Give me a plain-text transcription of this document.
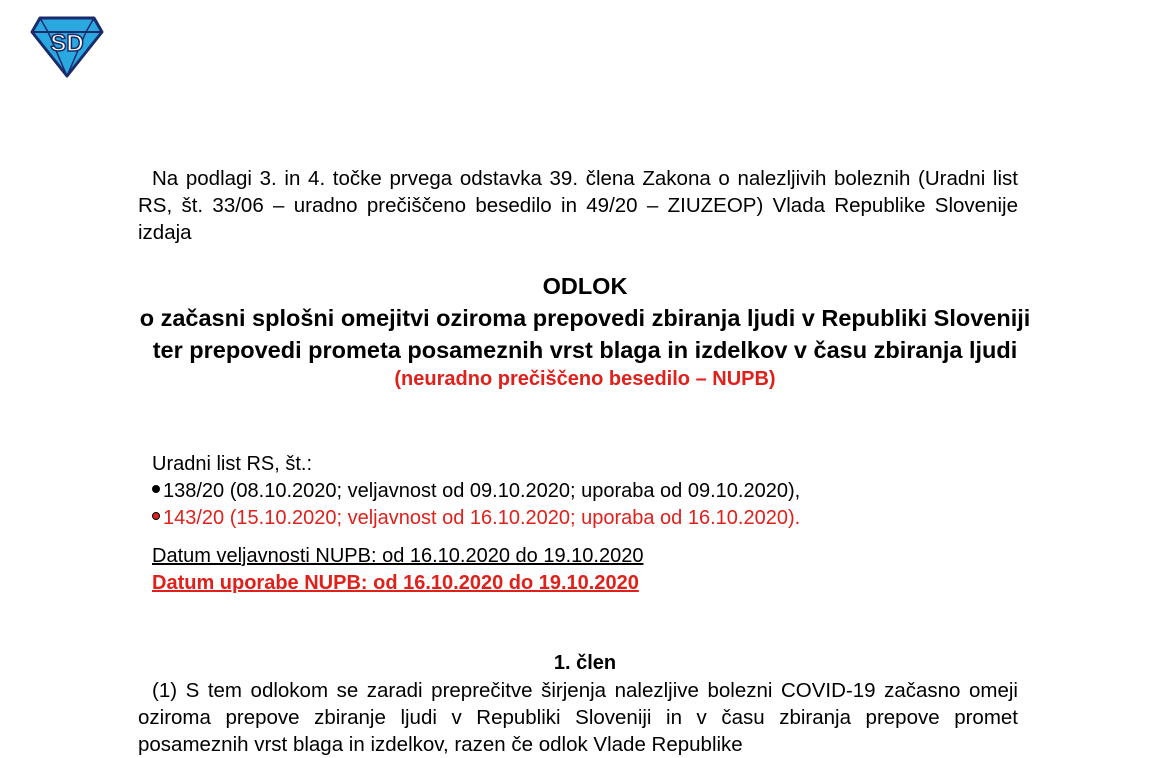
SD

Na podlagi 3. in 4. točke prvega odstavka 39. člena Zakona o nalezljivih boleznih (Uradni list RS, št. 33/06 – uradno prečiščeno besedilo in 49/20 – ZIUZEOP) Vlada Republike Slovenije izdaja

ODLOK
o začasni splošni omejitvi oziroma prepovedi zbiranja ljudi v Republiki Sloveniji ter prepovedi prometa posameznih vrst blaga in izdelkov v času zbiranja ljudi
(neuradno prečiščeno besedilo – NUPB)
Uradni list RS, št.:
138/20 (08.10.2020; veljavnost od 09.10.2020; uporaba od 09.10.2020),
143/20 (15.10.2020; veljavnost od 16.10.2020; uporaba od 16.10.2020).
Datum veljavnosti NUPB: od 16.10.2020 do 19.10.2020
Datum uporabe NUPB: od 16.10.2020 do 19.10.2020
1. člen

(1) S tem odlokom se zaradi preprečitve širjenja nalezljive bolezni COVID-19 začasno omeji oziroma prepove zbiranje ljudi v Republiki Sloveniji in v času zbiranja prepove promet posameznih vrst blaga in izdelkov, razen če odlok Vlade Republike
